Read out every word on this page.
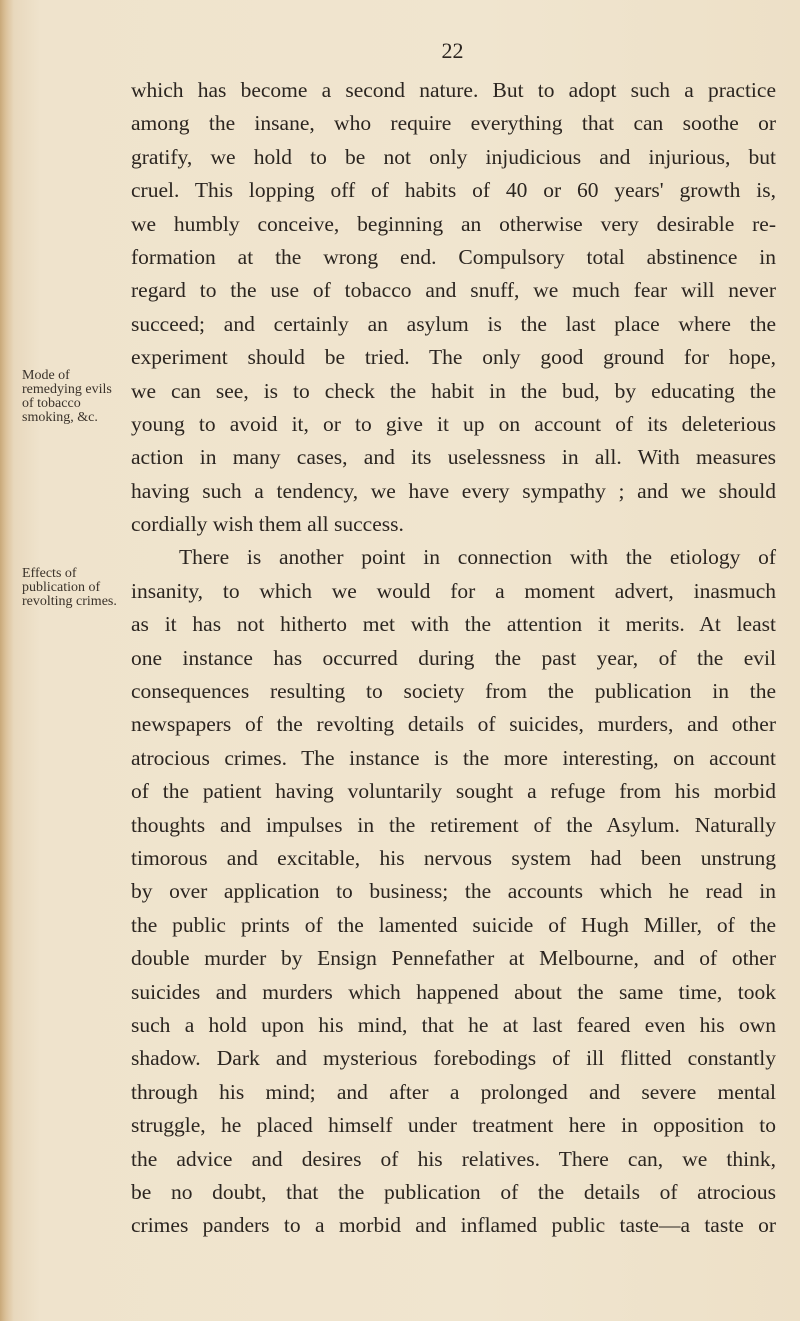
22
Mode of
remedying evils
of tobacco
smoking, &c.
Effects of
publication of
revolting crimes.
which has become a second nature. But to adopt such a practice
among the insane, who require everything that can soothe or
gratify, we hold to be not only injudicious and injurious, but
cruel. This lopping off of habits of 40 or 60 years' growth is,
we humbly conceive, beginning an otherwise very desirable re-
formation at the wrong end. Compulsory total abstinence in
regard to the use of tobacco and snuff, we much fear will never
succeed; and certainly an asylum is the last place where the
experiment should be tried. The only good ground for hope,
we can see, is to check the habit in the bud, by educating the
young to avoid it, or to give it up on account of its deleterious
action in many cases, and its uselessness in all. With measures
having such a tendency, we have every sympathy ; and we should
cordially wish them all success.
There is another point in connection with the etiology of
insanity, to which we would for a moment advert, inasmuch
as it has not hitherto met with the attention it merits. At least
one instance has occurred during the past year, of the evil
consequences resulting to society from the publication in the
newspapers of the revolting details of suicides, murders, and other
atrocious crimes. The instance is the more interesting, on account
of the patient having voluntarily sought a refuge from his morbid
thoughts and impulses in the retirement of the Asylum. Naturally
timorous and excitable, his nervous system had been unstrung
by over application to business; the accounts which he read in
the public prints of the lamented suicide of Hugh Miller, of the
double murder by Ensign Pennefather at Melbourne, and of other
suicides and murders which happened about the same time, took
such a hold upon his mind, that he at last feared even his own
shadow. Dark and mysterious forebodings of ill flitted constantly
through his mind; and after a prolonged and severe mental
struggle, he placed himself under treatment here in opposition to
the advice and desires of his relatives. There can, we think,
be no doubt, that the publication of the details of atrocious
crimes panders to a morbid and inflamed public taste—a taste or
